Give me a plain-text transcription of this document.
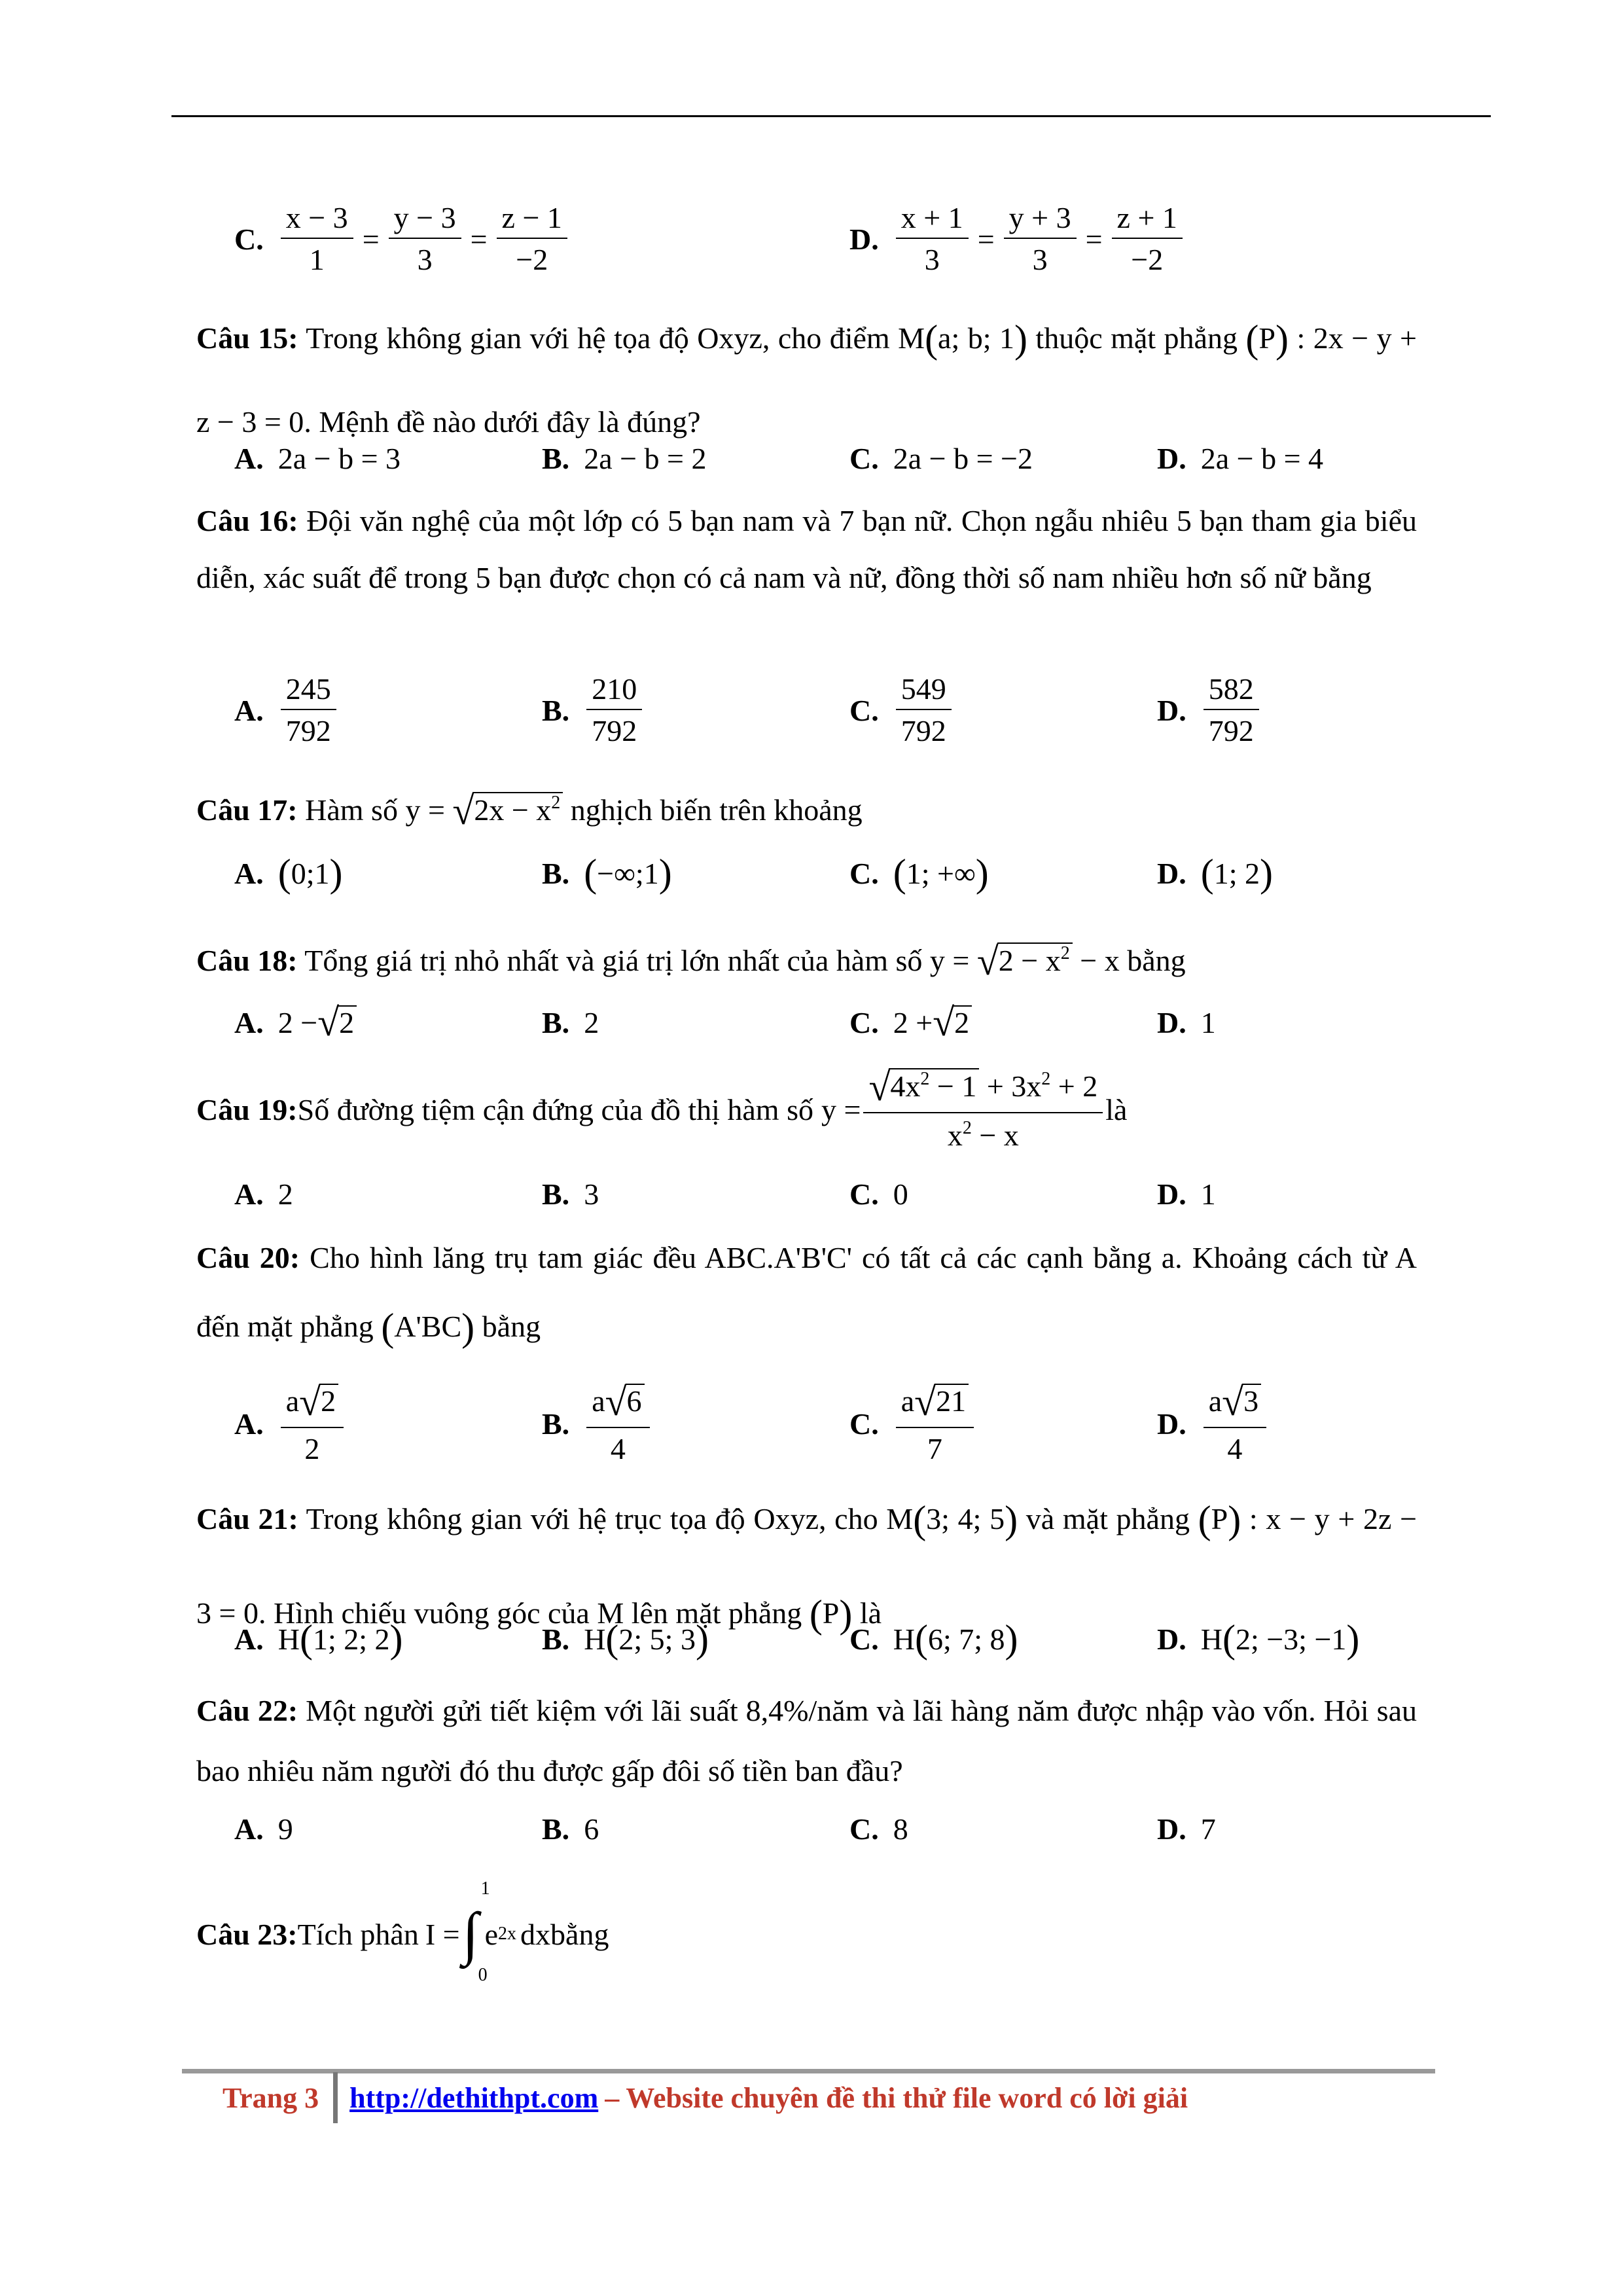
C. $\frac{x - 3}{1} = \frac{y - 3}{3} = \frac{z - 1}{-2}$	D. $\frac{x + 1}{3} = \frac{y + 3}{3} = \frac{z + 1}{-2}$
Câu 15: Trong không gian với hệ tọa độ Oxyz, cho điểm M(a; b; 1) thuộc mặt phẳng (P) : 2x − y + z − 3 = 0. Mệnh đề nào dưới đây là đúng?
A. 2a − b = 3	B. 2a − b = 2	C. 2a − b = −2	D. 2a − b = 4
Câu 16: Đội văn nghệ của một lớp có 5 bạn nam và 7 bạn nữ. Chọn ngẫu nhiêu 5 bạn tham gia biểu diễn, xác suất để trong 5 bạn được chọn có cả nam và nữ, đồng thời số nam nhiều hơn số nữ bằng
A. $\frac{245}{792}$	B. $\frac{210}{792}$	C. $\frac{549}{792}$	D. $\frac{582}{792}$
Câu 17: Hàm số $y = √2x - x^2$ nghịch biến trên khoảng
A. ( 0;1 )	B. ( −∞;1 )	C. ( 1; +∞ )	D. ( 1; 2 )
Câu 18: Tổng giá trị nhỏ nhất và giá trị lớn nhất của hàm số $y = √2 - x^2 - x$ bằng
A. 2 − √ 2	B. 2	C. 2 + √ 2	D. 1
Câu 19: Số đường tiệm cận đứng của đồ thị hàm số $y = \frac{√4x^2 - 1 + 3x^2 + 2}{x^2 - x}$ là
A. 2	B. 3	C. 0	D. 1
Câu 20: Cho hình lăng trụ tam giác đều ABC.A'B'C' có tất cả các cạnh bằng a. Khoảng cách từ A đến mặt phẳng (A'BC) bằng
A. $\frac{a√2}{2}$	B. $\frac{a√6}{4}$	C. $\frac{a√21}{7}$	D. $\frac{a√3}{4}$
Câu 21: Trong không gian với hệ trục tọa độ Oxyz, cho M(3; 4; 5) và mặt phẳng (P) : x − y + 2z − 3 = 0. Hình chiếu vuông góc của M lên mặt phẳng (P) là
A. H ( 1; 2; 2 )	B. H ( 2; 5; 3 )	C. H ( 6; 7; 8 )	D. H ( 2; −3; −1 )
Câu 22: Một người gửi tiết kiệm với lãi suất 8,4%/năm và lãi hàng năm được nhập vào vốn. Hỏi sau bao nhiêu năm người đó thu được gấp đôi số tiền ban đầu?
A. 9	B. 6	C. 8	D. 7
Câu 23: Tích phân I = ∫
1
0
e 2x dx bằng
Trang 3 http://dethithpt.com – Website chuyên đề thi thử file word có lời giải
